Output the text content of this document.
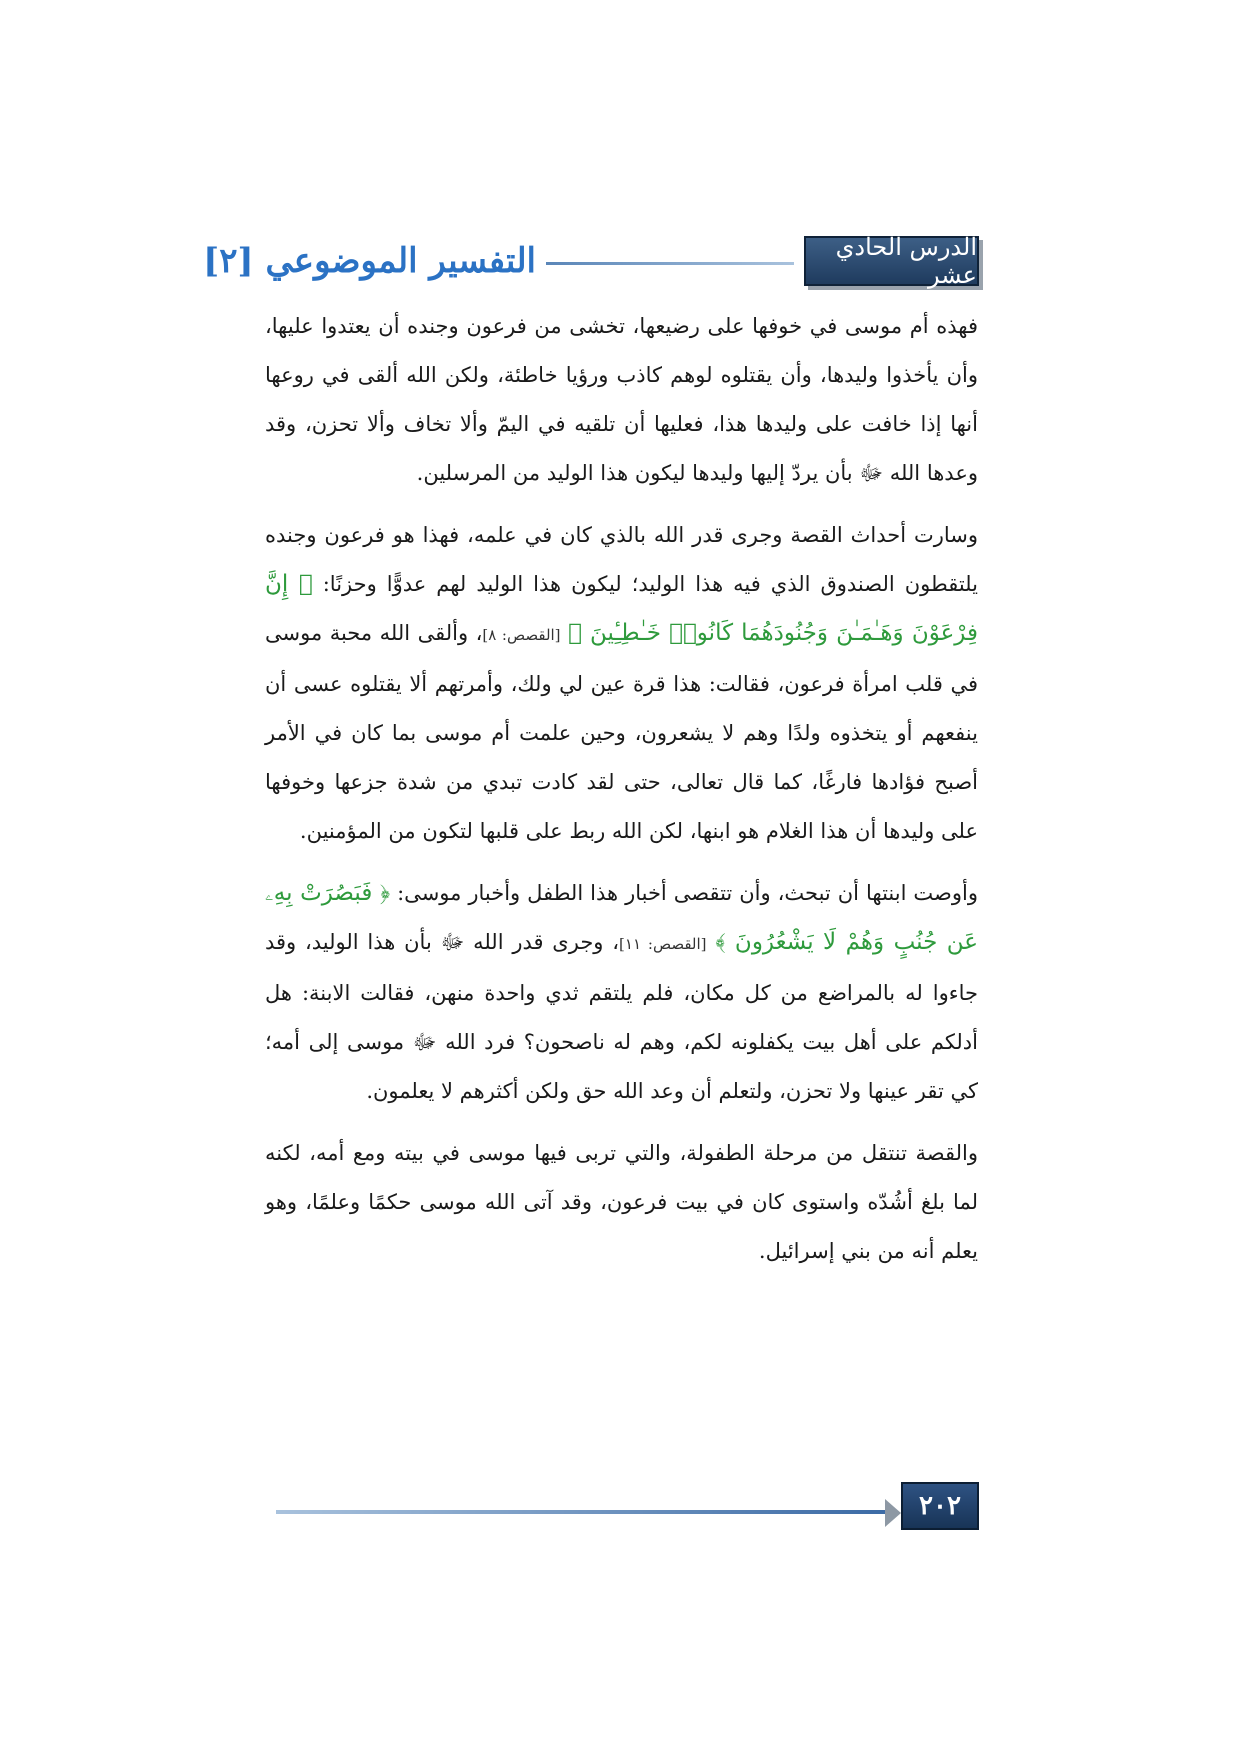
التفسير الموضوعي [٢]	الدرس الحادي عشر

فهذه أم موسى في خوفها على رضيعها، تخشى من فرعون وجنده أن يعتدوا عليها، وأن يأخذوا وليدها، وأن يقتلوه لوهم كاذب ورؤيا خاطئة، ولكن الله ألقى في روعها أنها إذا خافت على وليدها هذا، فعليها أن تلقيه في اليمّ وألا تخاف وألا تحزن، وقد وعدها الله ﷻ بأن يردّ إليها وليدها ليكون هذا الوليد من المرسلين.

وسارت أحداث القصة وجرى قدر الله بالذي كان في علمه، فهذا هو فرعون وجنده يلتقطون الصندوق الذي فيه هذا الوليد؛ ليكون هذا الوليد لهم عدوًّا وحزنًا: ﴿ إِنَّ فِرْعَوْنَ وَهَـٰمَـٰنَ وَجُنُودَهُمَا كَانُوا۟ خَـٰطِـِٔينَ ﴾ [القصص: ٨]، وألقى الله محبة موسى في قلب امرأة فرعون، فقالت: هذا قرة عين لي ولك، وأمرتهم ألا يقتلوه عسى أن ينفعهم أو يتخذوه ولدًا وهم لا يشعرون، وحين علمت أم موسى بما كان في الأمر أصبح فؤادها فارغًا، كما قال تعالى، حتى لقد كادت تبدي من شدة جزعها وخوفها على وليدها أن هذا الغلام هو ابنها، لكن الله ربط على قلبها لتكون من المؤمنين.

وأوصت ابنتها أن تبحث، وأن تتقصى أخبار هذا الطفل وأخبار موسى: ﴿ فَبَصُرَتْ بِهِۦ عَن جُنُبٍ وَهُمْ لَا يَشْعُرُونَ ﴾ [القصص: ١١]، وجرى قدر الله ﷻ بأن هذا الوليد، وقد جاءوا له بالمراضع من كل مكان، فلم يلتقم ثدي واحدة منهن، فقالت الابنة: هل أدلكم على أهل بيت يكفلونه لكم، وهم له ناصحون؟ فرد الله ﷻ موسى إلى أمه؛ كي تقر عينها ولا تحزن، ولتعلم أن وعد الله حق ولكن أكثرهم لا يعلمون.

والقصة تنتقل من مرحلة الطفولة، والتي تربى فيها موسى في بيته ومع أمه، لكنه لما بلغ أشُدّه واستوى كان في بيت فرعون، وقد آتى الله موسى حكمًا وعلمًا، وهو يعلم أنه من بني إسرائيل.

٢٠٢
